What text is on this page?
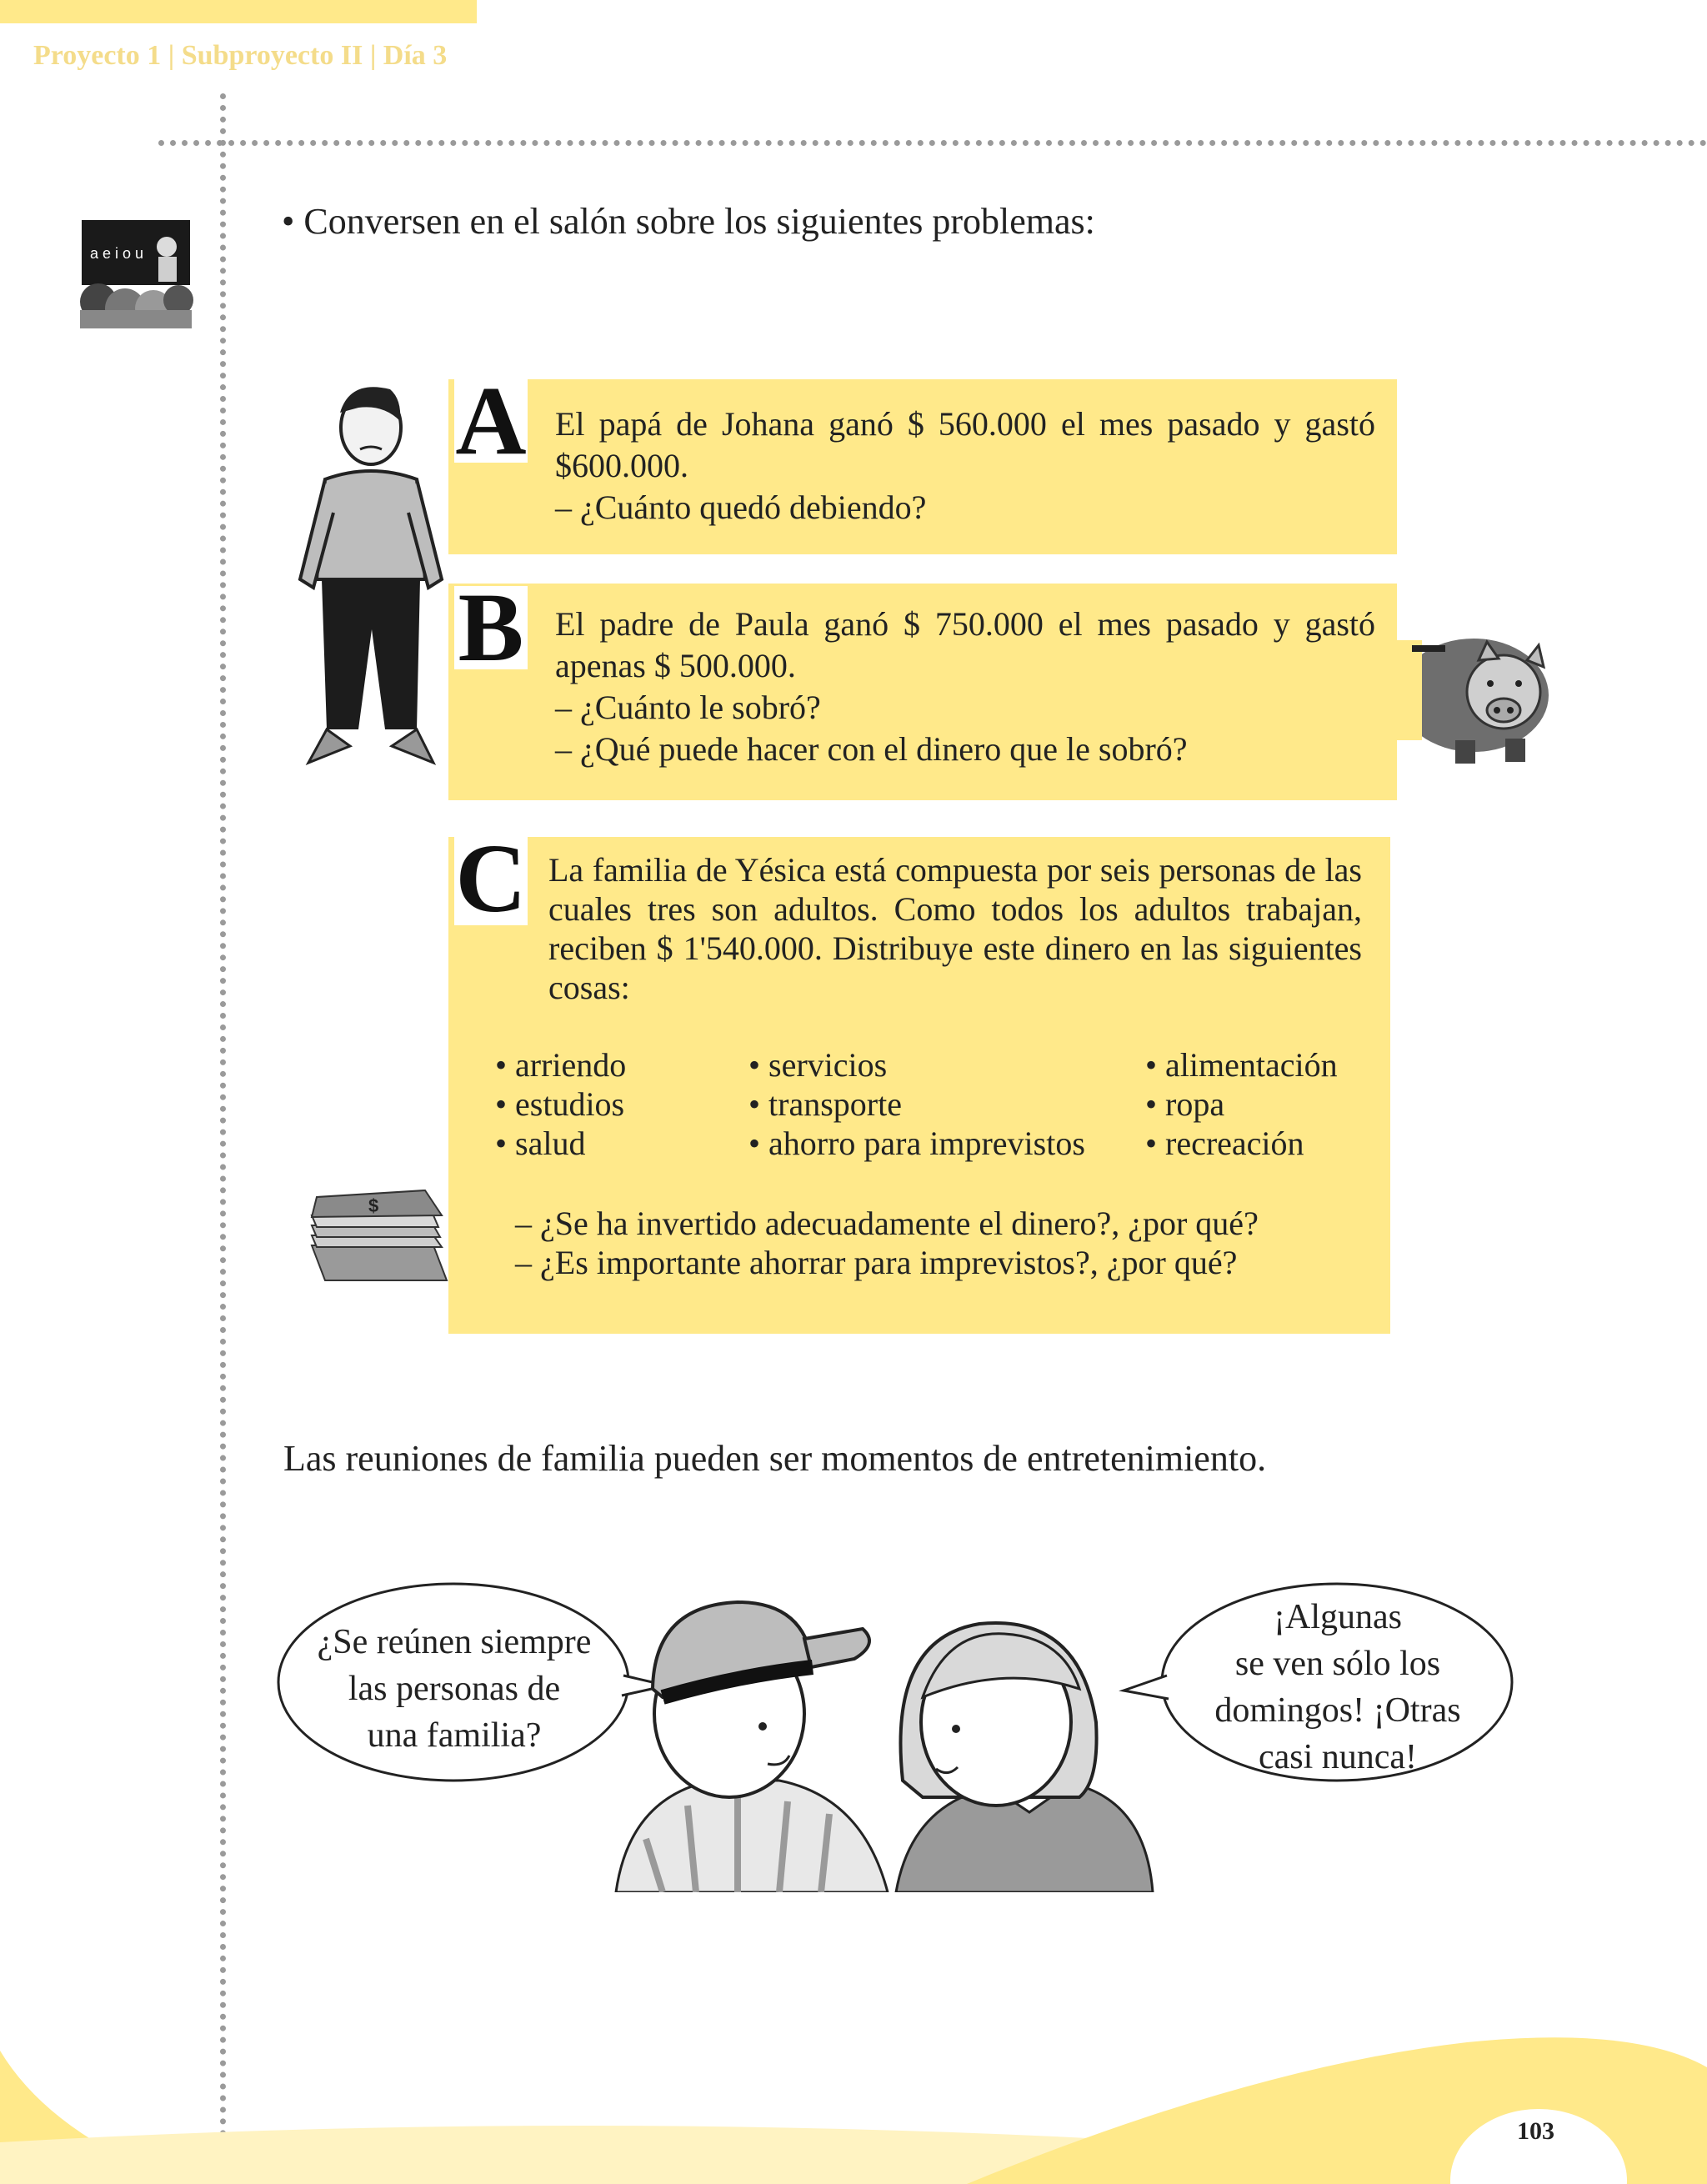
Proyecto 1 | Subproyecto II | Día 3
a e i o u
• Conversen en el salón sobre los siguientes problemas:
A El papá de Johana ganó $ 560.000 el mes pasado y gastó $600.000.

– ¿Cuánto quedó debiendo?

B El padre de Paula ganó $ 750.000 el mes pasado y gastó apenas $ 500.000.

– ¿Cuánto le sobró?

– ¿Qué puede hacer con el dinero que le sobró?

C La familia de Yésica está compuesta por seis personas de las cuales tres son adultos. Como todos los adultos trabajan, reciben $ 1'540.000. Distribuye este dinero en las siguientes cosas:
• arriendo
• estudios
• salud
• servicios
• transporte
• ahorro para imprevistos
• alimentación
• ropa
• recreación
– ¿Se ha invertido adecuadamente el dinero?, ¿por qué?
– ¿Es importante ahorrar para imprevistos?, ¿por qué?
$
Las reuniones de familia pueden ser momentos de entretenimiento.
¿Se reúnen siempre
las personas de
una familia?
¡Algunas
se ven sólo los
domingos! ¡Otras
casi nunca!
103
